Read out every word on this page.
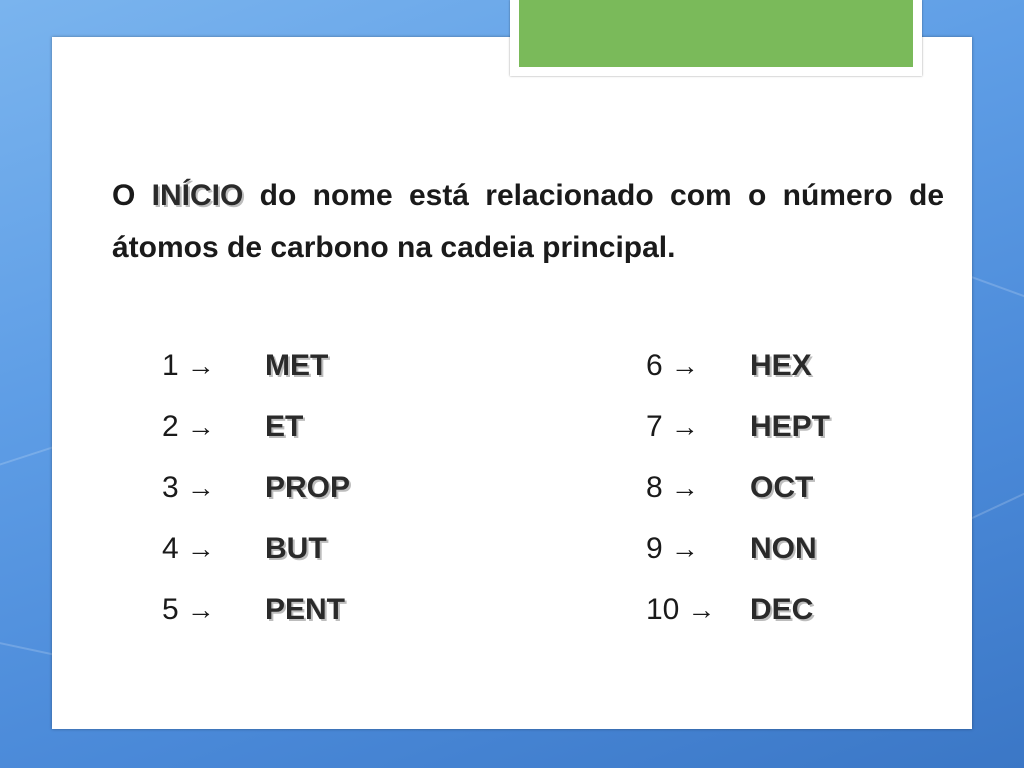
O INÍCIO do nome está relacionado com o número de átomos de carbono na cadeia principal.
1 → MET
2 → ET
3 → PROP
4 → BUT
5 → PENT
6 → HEX
7 → HEPT
8 → OCT
9 → NON
10 → DEC
